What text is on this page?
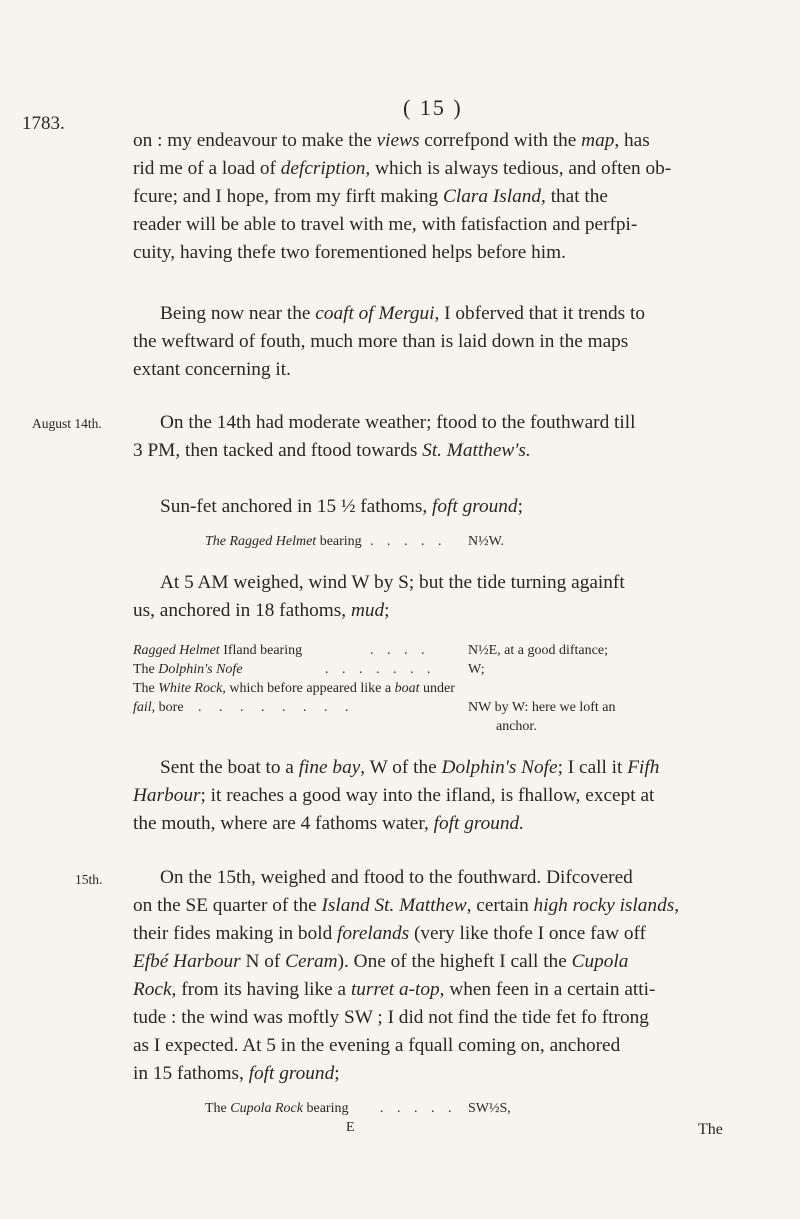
1783.
( 15 )
on : my endeavour to make the views correfpond with the map, has
rid me of a load of defcription, which is always tedious, and often ob-
fcure; and I hope, from my firft making Clara Island, that the
reader will be able to travel with me, with fatisfaction and perfpi-
cuity, having thefe two forementioned helps before him.
Being now near the coaft of Mergui, I obferved that it trends to
the weftward of fouth, much more than is laid down in the maps
extant concerning it.
August 14th.	On the 14th had moderate weather; ftood to the fouthward till
3 PM, then tacked and ftood towards St. Matthew's.
Sun-fet anchored in 15 ½ fathoms, foft ground;
The Ragged Helmet bearing . . . . . N½W.
At 5 AM weighed, wind W by S; but the tide turning againft
us, anchored in 18 fathoms, mud;
Ragged Helmet Ifland bearing	. . . .	N½E, at a good diftance;
The Dolphin's Nofe	. . . . . . . W;
The White Rock, which before appeared like a boat under
fail, bore . . . . . . . .	NW by W: here we loft an
anchor.
Sent the boat to a fine bay, W of the Dolphin's Nofe; I call it Fifh
Harbour; it reaches a good way into the ifland, is fhallow, except at
the mouth, where are 4 fathoms water, foft ground.
15th.	On the 15th, weighed and ftood to the fouthward. Difcovered
on the SE quarter of the Island St. Matthew, certain high rocky islands,
their fides making in bold forelands (very like thofe I once faw off
Efbé Harbour N of Ceram). One of the higheft I call the Cupola
Rock, from its having like a turret a-top, when feen in a certain atti-
tude : the wind was moftly SW ; I did not find the tide fet fo ftrong
as I expected. At 5 in the evening a fquall coming on, anchored
in 15 fathoms, foft ground;
The Cupola Rock bearing . . . . . SW½S,
E	The
